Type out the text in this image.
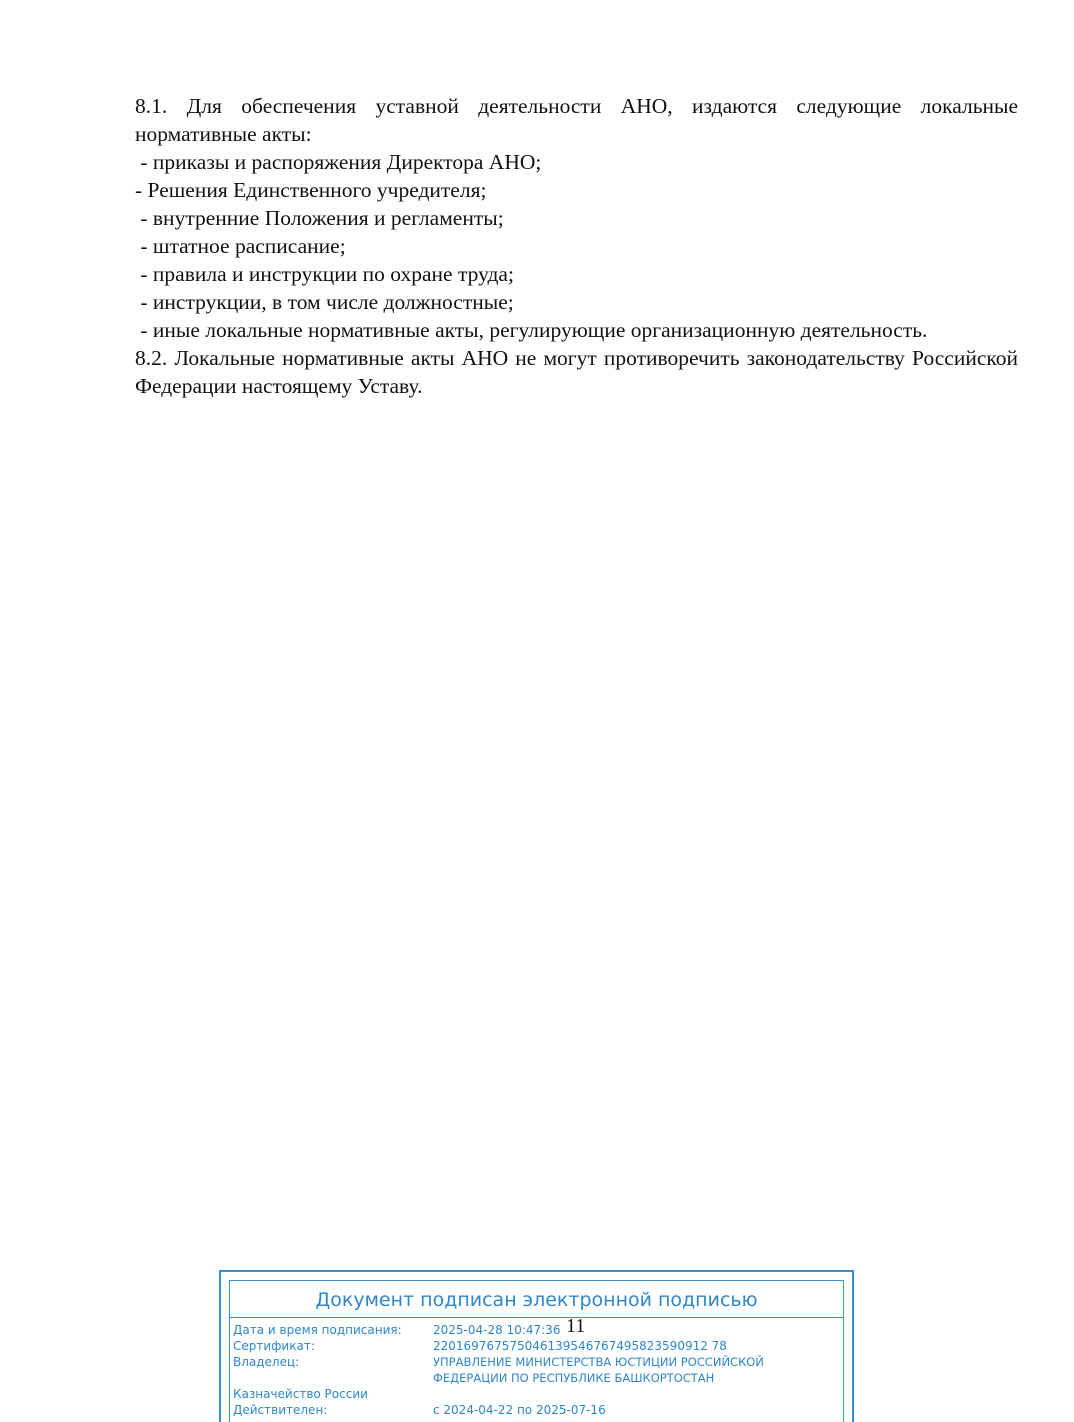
8.1. Для обеспечения уставной деятельности АНО, издаются следующие локальные нормативные акты:

- приказы и распоряжения Директора АНО;

- Решения Единственного учредителя;

- внутренние Положения и регламенты;

- штатное расписание;

- правила и инструкции по охране труда;

- инструкции, в том числе должностные;

- иные локальные нормативные акты, регулирующие организационную деятельность.

8.2. Локальные нормативные акты АНО не могут противоречить законодательству Российской Федерации настоящему Уставу.

Документ подписан электронной подписью
Дата и время подписания:	2025-04-28 10:47:36
Сертификат:	220169767575046139546767495823590912 78
Владелец:	УПРАВЛЕНИЕ МИНИСТЕРСТВА ЮСТИЦИИ РОССИЙСКОЙ
ФЕДЕРАЦИИ ПО РЕСПУБЛИКЕ БАШКОРТОСТАН
Казначейство России
Действителен:	с 2024-04-22 по 2025-07-16
11
